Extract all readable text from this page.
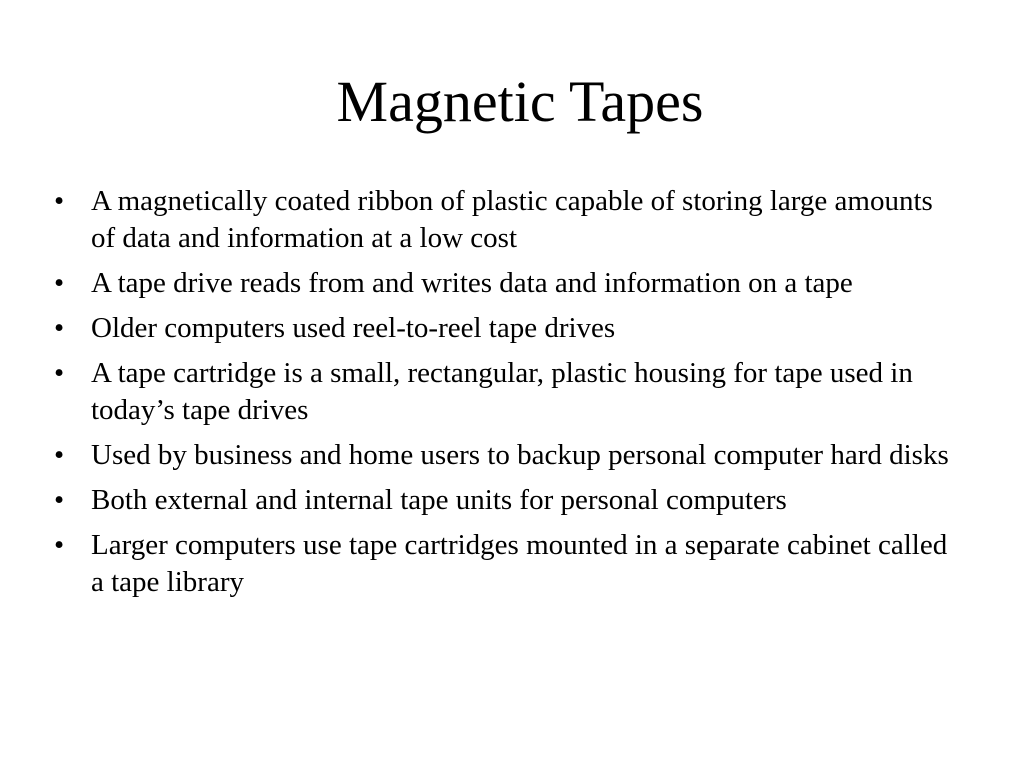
Magnetic Tapes
• A magnetically coated ribbon of plastic capable of storing large amounts of data and information at a low cost
• A tape drive reads from and writes data and information on a tape
• Older computers used reel-to-reel tape drives
• A tape cartridge is a small, rectangular, plastic housing for tape used in today’s tape drives
• Used by business and home users to backup personal computer hard disks
• Both external and internal tape units for personal computers
• Larger computers use tape cartridges mounted in a separate cabinet called a tape library
